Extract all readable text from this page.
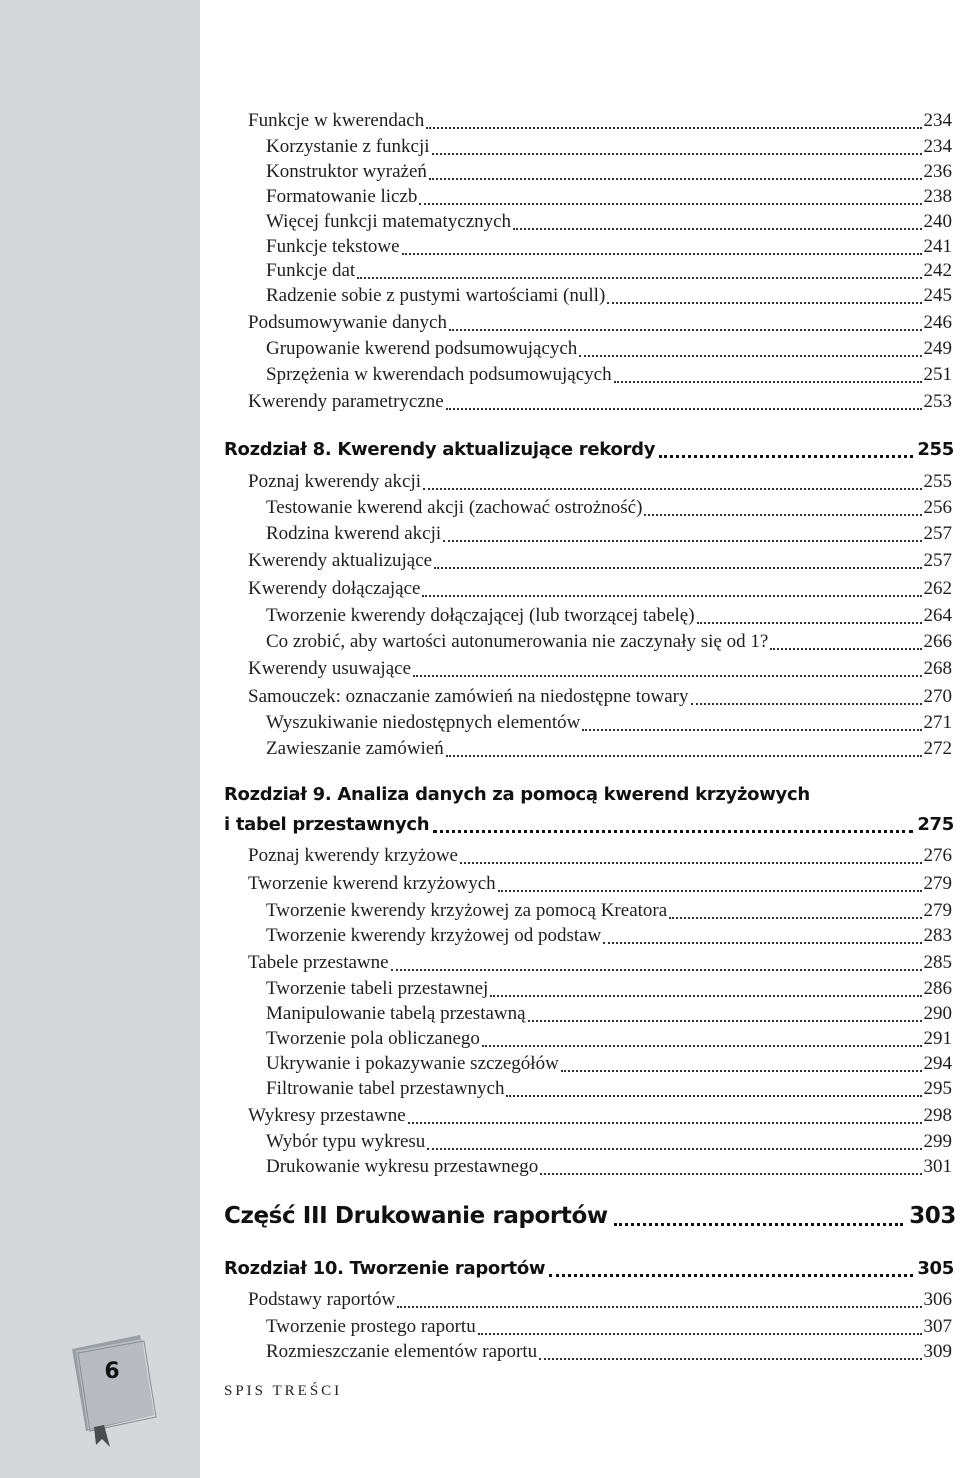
6
SPIS TREŚCI
Funkcje w kwerendach	234
Korzystanie z funkcji	234
Konstruktor wyrażeń	236
Formatowanie liczb	238
Więcej funkcji matematycznych	240
Funkcje tekstowe	241
Funkcje dat	242
Radzenie sobie z pustymi wartościami (null)	245
Podsumowywanie danych	246
Grupowanie kwerend podsumowujących	249
Sprzężenia w kwerendach podsumowujących	251
Kwerendy parametryczne	253
Rozdział 8. Kwerendy aktualizujące rekordy	255
Poznaj kwerendy akcji	255
Testowanie kwerend akcji (zachować ostrożność)	256
Rodzina kwerend akcji	257
Kwerendy aktualizujące	257
Kwerendy dołączające	262
Tworzenie kwerendy dołączającej (lub tworzącej tabelę)	264
Co zrobić, aby wartości autonumerowania nie zaczynały się od 1?	266
Kwerendy usuwające	268
Samouczek: oznaczanie zamówień na niedostępne towary	270
Wyszukiwanie niedostępnych elementów	271
Zawieszanie zamówień	272
Rozdział 9. Analiza danych za pomocą kwerend krzyżowych
i tabel przestawnych	275
Poznaj kwerendy krzyżowe	276
Tworzenie kwerend krzyżowych	279
Tworzenie kwerendy krzyżowej za pomocą Kreatora	279
Tworzenie kwerendy krzyżowej od podstaw	283
Tabele przestawne	285
Tworzenie tabeli przestawnej	286
Manipulowanie tabelą przestawną	290
Tworzenie pola obliczanego	291
Ukrywanie i pokazywanie szczegółów	294
Filtrowanie tabel przestawnych	295
Wykresy przestawne	298
Wybór typu wykresu	299
Drukowanie wykresu przestawnego	301
Część III Drukowanie raportów	303
Rozdział 10. Tworzenie raportów	305
Podstawy raportów	306
Tworzenie prostego raportu	307
Rozmieszczanie elementów raportu	309
